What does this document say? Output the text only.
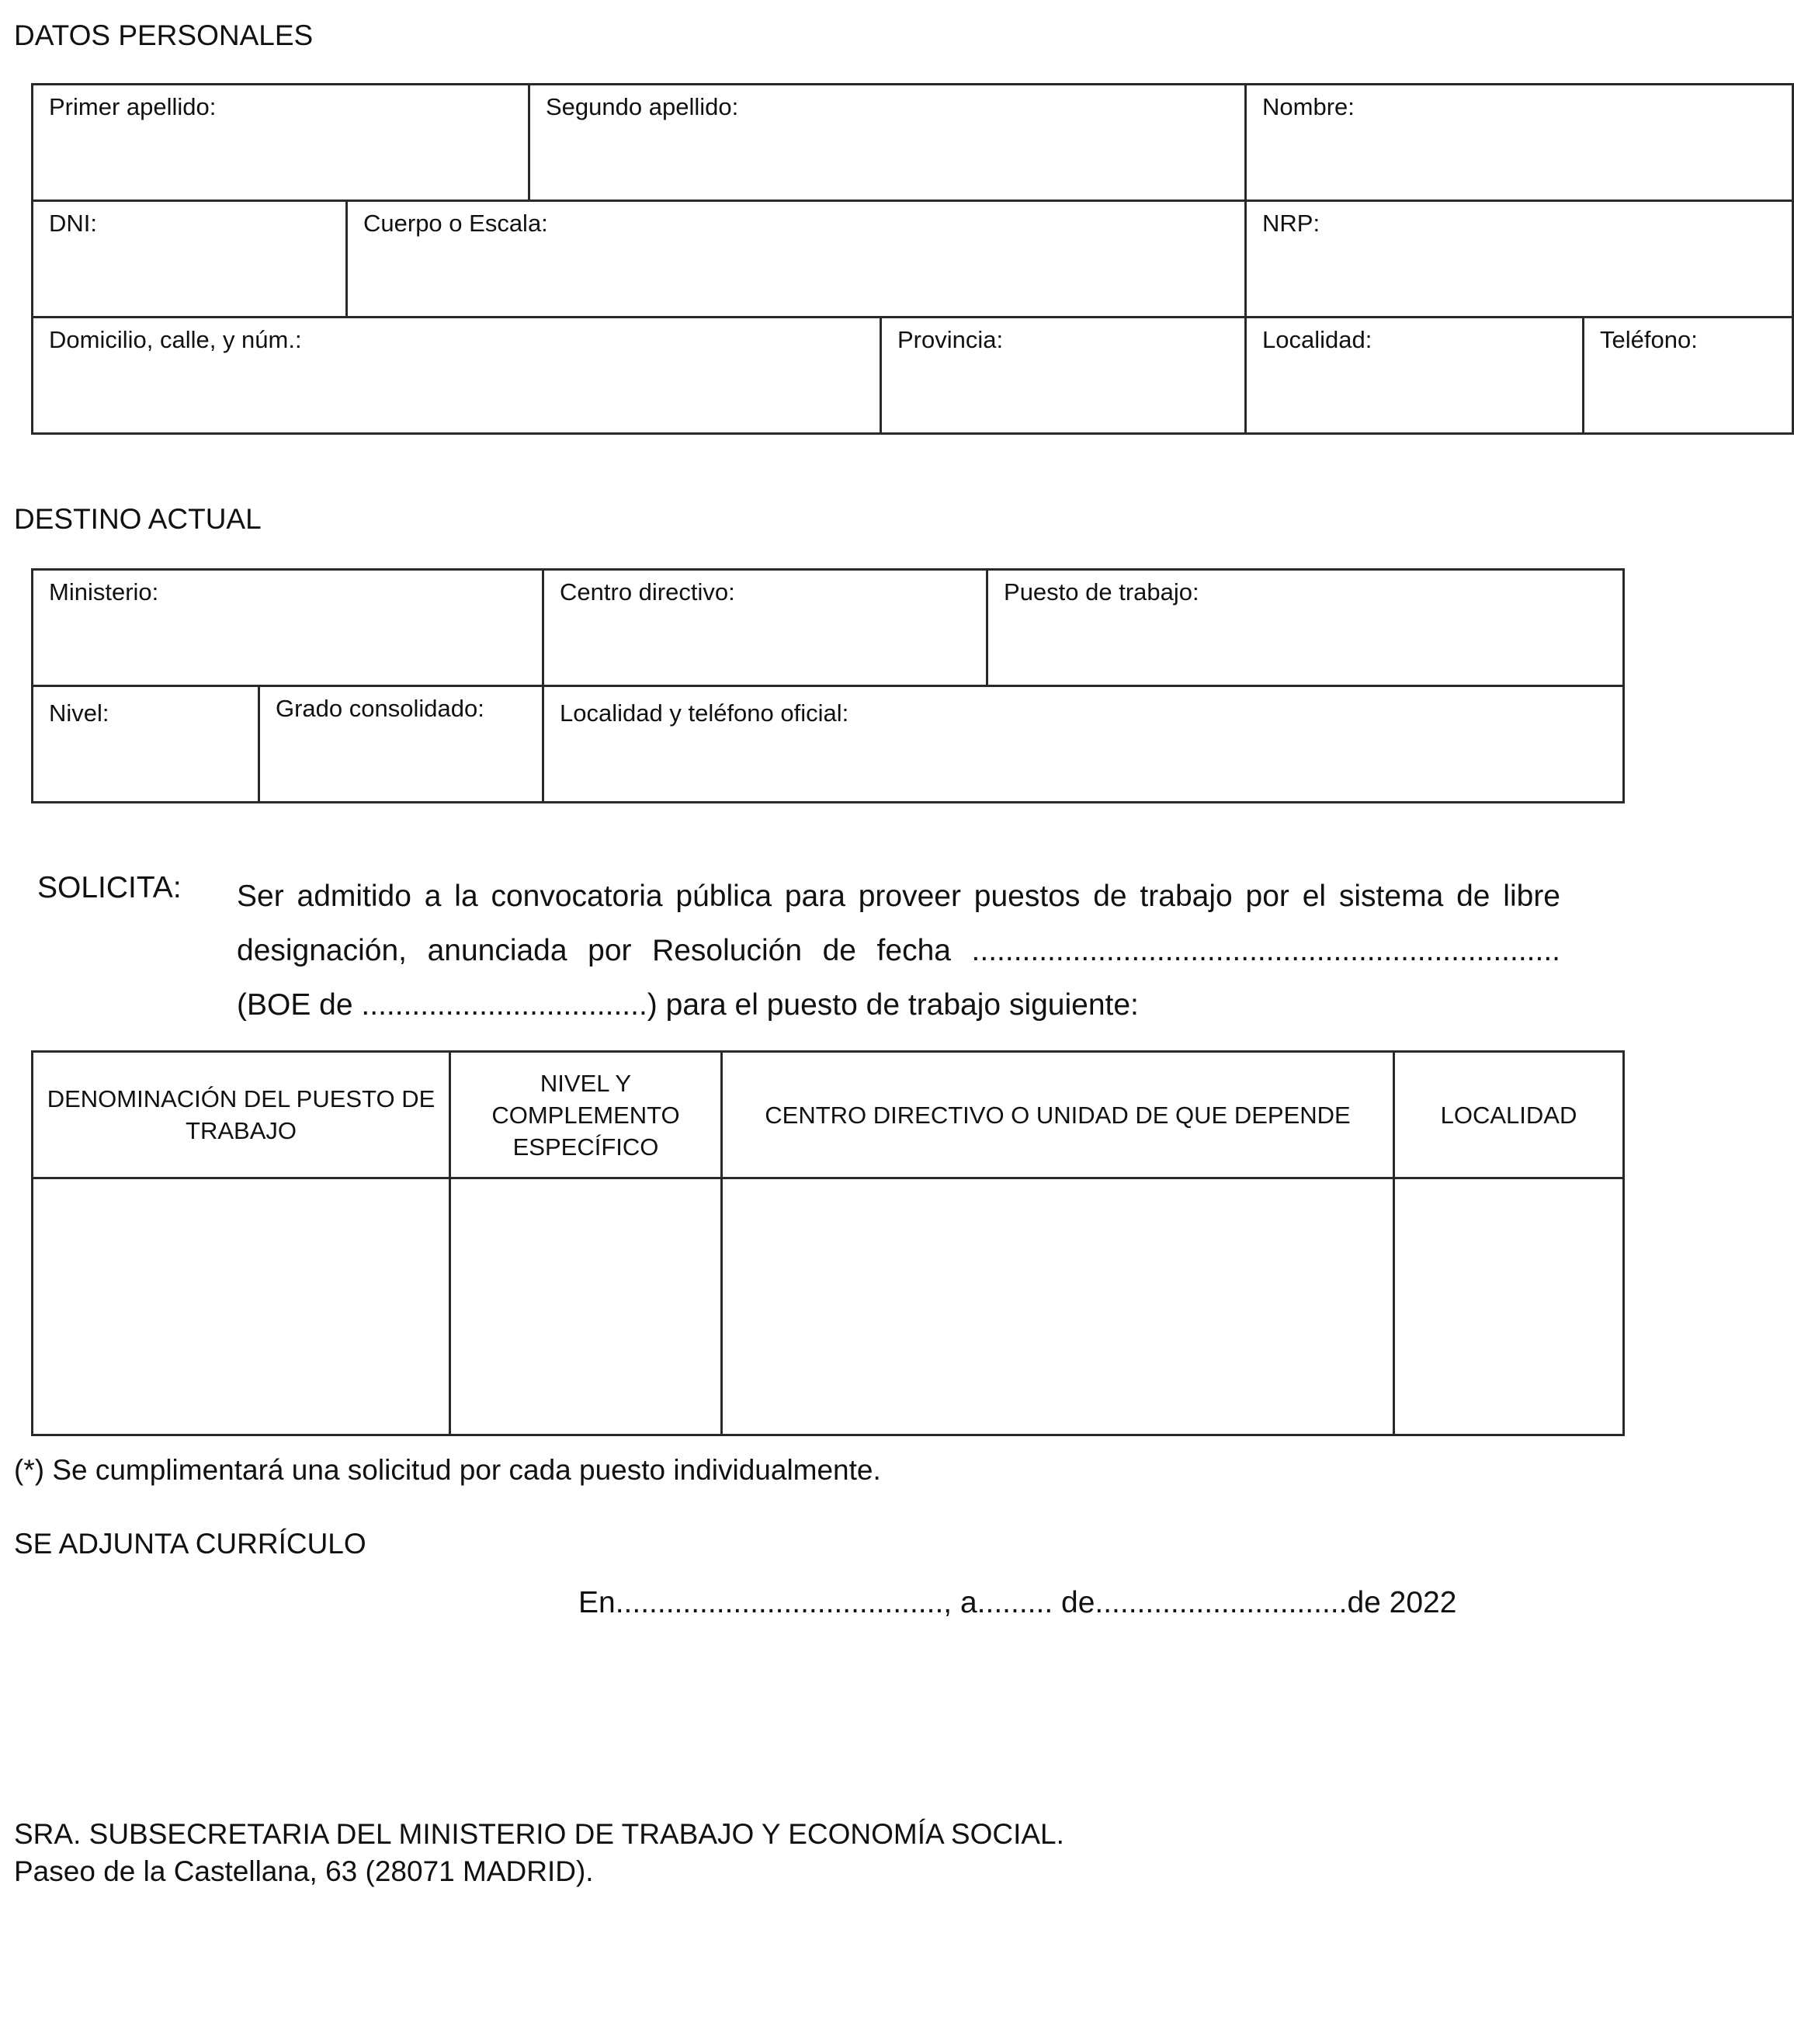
DATOS PERSONALES
Primer apellido:		Segundo apellido:		Nombre:	

DNI:	Cuerpo o Escala:			NRP:	

Domicilio, calle, y núm.:			Provincia:	Localidad:	Teléfono:
DESTINO ACTUAL
Ministerio:		Centro directivo:	Puesto de trabajo:

Nivel:	Grado consolidado:	Localidad y teléfono oficial:	
SOLICITA: Ser admitido a la convocatoria pública para proveer puestos de trabajo por el sistema de libre
designación, anunciada por Resolución de fecha ......................................................................
(BOE de ..................................) para el puesto de trabajo siguiente:
DENOMINACIÓN DEL PUESTO DE TRABAJO	NIVEL Y COMPLEMENTO ESPECÍFICO	CENTRO DIRECTIVO O UNIDAD DE QUE DEPENDE	LOCALIDAD

(*) Se cumplimentará una solicitud por cada puesto individualmente.
SE ADJUNTA CURRÍCULO
En......................................., a......... de..............................de 2022
SRA. SUBSECRETARIA DEL MINISTERIO DE TRABAJO Y ECONOMÍA SOCIAL.
Paseo de la Castellana, 63 (28071 MADRID).
